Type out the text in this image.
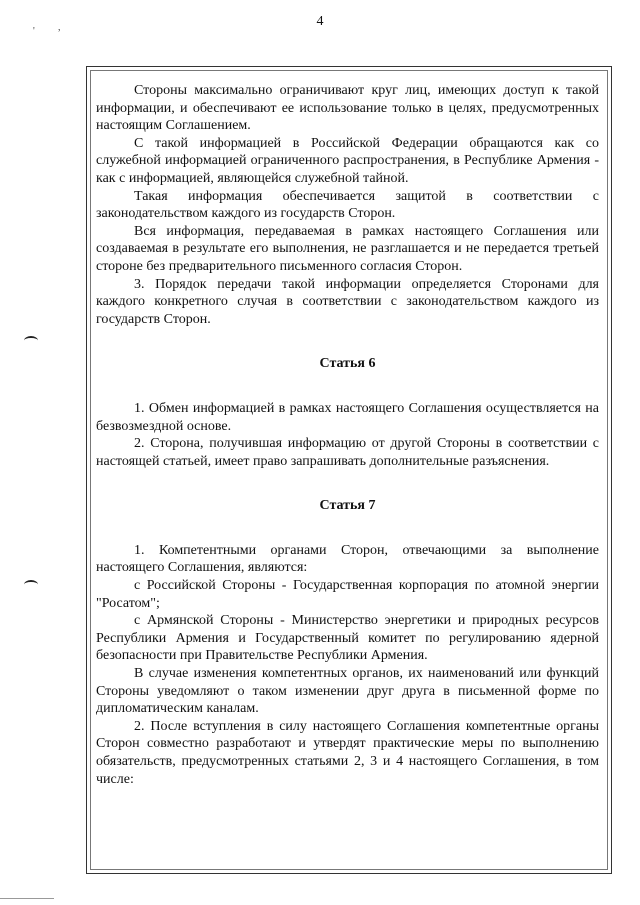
4
' ,

Стороны максимально ограничивают круг лиц, имеющих доступ к такой информации, и обеспечивают ее использование только в целях, предусмотренных настоящим Соглашением.

С такой информацией в Российской Федерации обращаются как со служебной информацией ограниченного распространения, в Республике Армения - как с информацией, являющейся служебной тайной.

Такая информация обеспечивается защитой в соответствии с законодательством каждого из государств Сторон.

Вся информация, передаваемая в рамках настоящего Соглашения или создаваемая в результате его выполнения, не разглашается и не передается третьей стороне без предварительного письменного согласия Сторон.

3. Порядок передачи такой информации определяется Сторонами для каждого конкретного случая в соответствии с законодательством каждого из государств Сторон.

Статья 6

1. Обмен информацией в рамках настоящего Соглашения осуществляется на безвозмездной основе.

2. Сторона, получившая информацию от другой Стороны в соответствии с настоящей статьей, имеет право запрашивать дополнительные разъяснения.

Статья 7

1. Компетентными органами Сторон, отвечающими за выполнение настоящего Соглашения, являются:

с Российской Стороны - Государственная корпорация по атомной энергии "Росатом";

с Армянской Стороны - Министерство энергетики и природных ресурсов Республики Армения и Государственный комитет по регулированию ядерной безопасности при Правительстве Республики Армения.

В случае изменения компетентных органов, их наименований или функций Стороны уведомляют о таком изменении друг друга в письменной форме по дипломатическим каналам.

2. После вступления в силу настоящего Соглашения компетентные органы Сторон совместно разработают и утвердят практические меры по выполнению обязательств, предусмотренных статьями 2, 3 и 4 настоящего Соглашения, в том числе:
